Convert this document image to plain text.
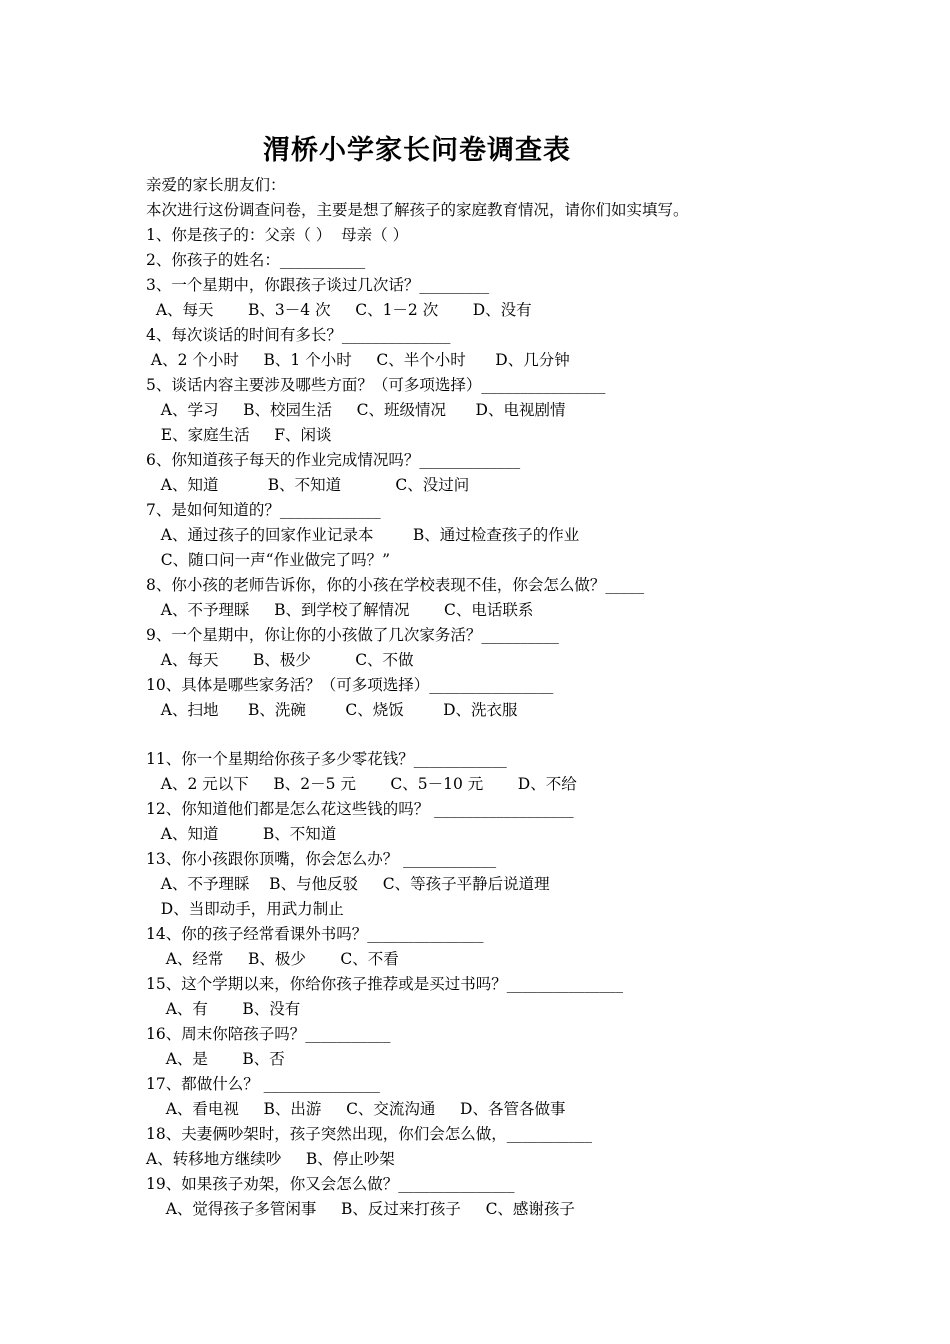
渭桥小学家长问卷调查表
亲爱的家长朋友们：
本次进行这份调查问卷，主要是想了解孩子的家庭教育情况，请你们如实填写。
1、你是孩子的：父亲（ ）  母亲（ ）
2、你孩子的姓名：___________
3、一个星期中，你跟孩子谈过几次话？_________
A、每天       B、3－4 次     C、1－2 次       D、没有
4、每次谈话的时间有多长？______________
A、2 个小时     B、1 个小时     C、半个小时      D、几分钟
5、谈话内容主要涉及哪些方面？（可多项选择）________________
A、学习     B、校园生活     C、班级情况      D、电视剧情
E、家庭生活     F、闲谈
6、你知道孩子每天的作业完成情况吗？_____________
A、知道          B、不知道           C、没过问
7、是如何知道的？_____________
A、通过孩子的回家作业记录本        B、通过检查孩子的作业
C、随口问一声“作业做完了吗？”
8、你小孩的老师告诉你，你的小孩在学校表现不佳，你会怎么做？_____
A、不予理睬     B、到学校了解情况       C、电话联系
9、一个星期中，你让你的小孩做了几次家务活？__________
A、每天       B、极少         C、不做
10、具体是哪些家务活？（可多项选择）________________
A、扫地      B、洗碗        C、烧饭        D、洗衣服
11、你一个星期给你孩子多少零花钱？____________
A、2 元以下     B、2－5 元       C、5－10 元       D、不给
12、你知道他们都是怎么花这些钱的吗？ __________________
A、知道         B、不知道
13、你小孩跟你顶嘴，你会怎么办？ ____________
A、不予理睬    B、与他反驳     C、等孩子平静后说道理
D、当即动手，用武力制止
14、你的孩子经常看课外书吗？_______________
A、经常     B、极少       C、不看
15、这个学期以来，你给你孩子推荐或是买过书吗？_______________
A、有       B、没有
16、周末你陪孩子吗？___________
A、是       B、否
17、都做什么？ _______________
A、看电视     B、出游     C、交流沟通     D、各管各做事
18、夫妻俩吵架时，孩子突然出现，你们会怎么做，___________
A、转移地方继续吵     B、停止吵架
19、如果孩子劝架，你又会怎么做？_______________
A、觉得孩子多管闲事     B、反过来打孩子     C、感谢孩子
